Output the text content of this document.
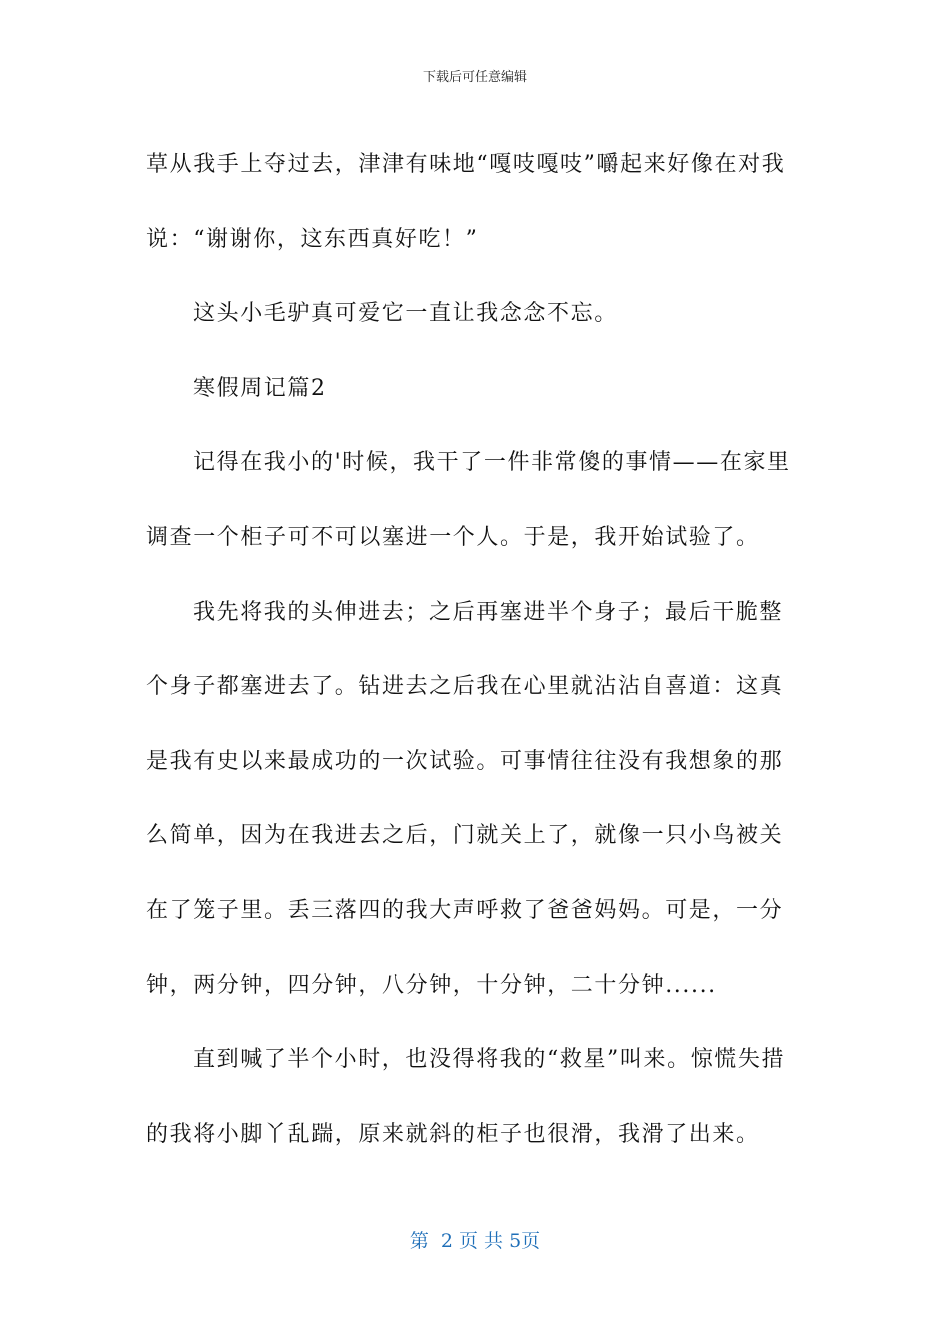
下载后可任意编辑

草从我手上夺过去，津津有味地“嘎吱嘎吱”嚼起来好像在对我说：“谢谢你，这东西真好吃！”

这头小毛驴真可爱它一直让我念念不忘。

寒假周记篇2

记得在我小的'时候，我干了一件非常傻的事情——在家里调查一个柜子可不可以塞进一个人。于是，我开始试验了。

我先将我的头伸进去；之后再塞进半个身子；最后干脆整个身子都塞进去了。钻进去之后我在心里就沾沾自喜道：这真是我有史以来最成功的一次试验。可事情往往没有我想象的那么简单，因为在我进去之后，门就关上了，就像一只小鸟被关在了笼子里。丢三落四的我大声呼救了爸爸妈妈。可是，一分钟，两分钟，四分钟，八分钟，十分钟，二十分钟......

直到喊了半个小时，也没得将我的“救星”叫来。惊慌失措的我将小脚丫乱踹，原来就斜的柜子也很滑，我滑了出来。

第  2 页 共 5页
